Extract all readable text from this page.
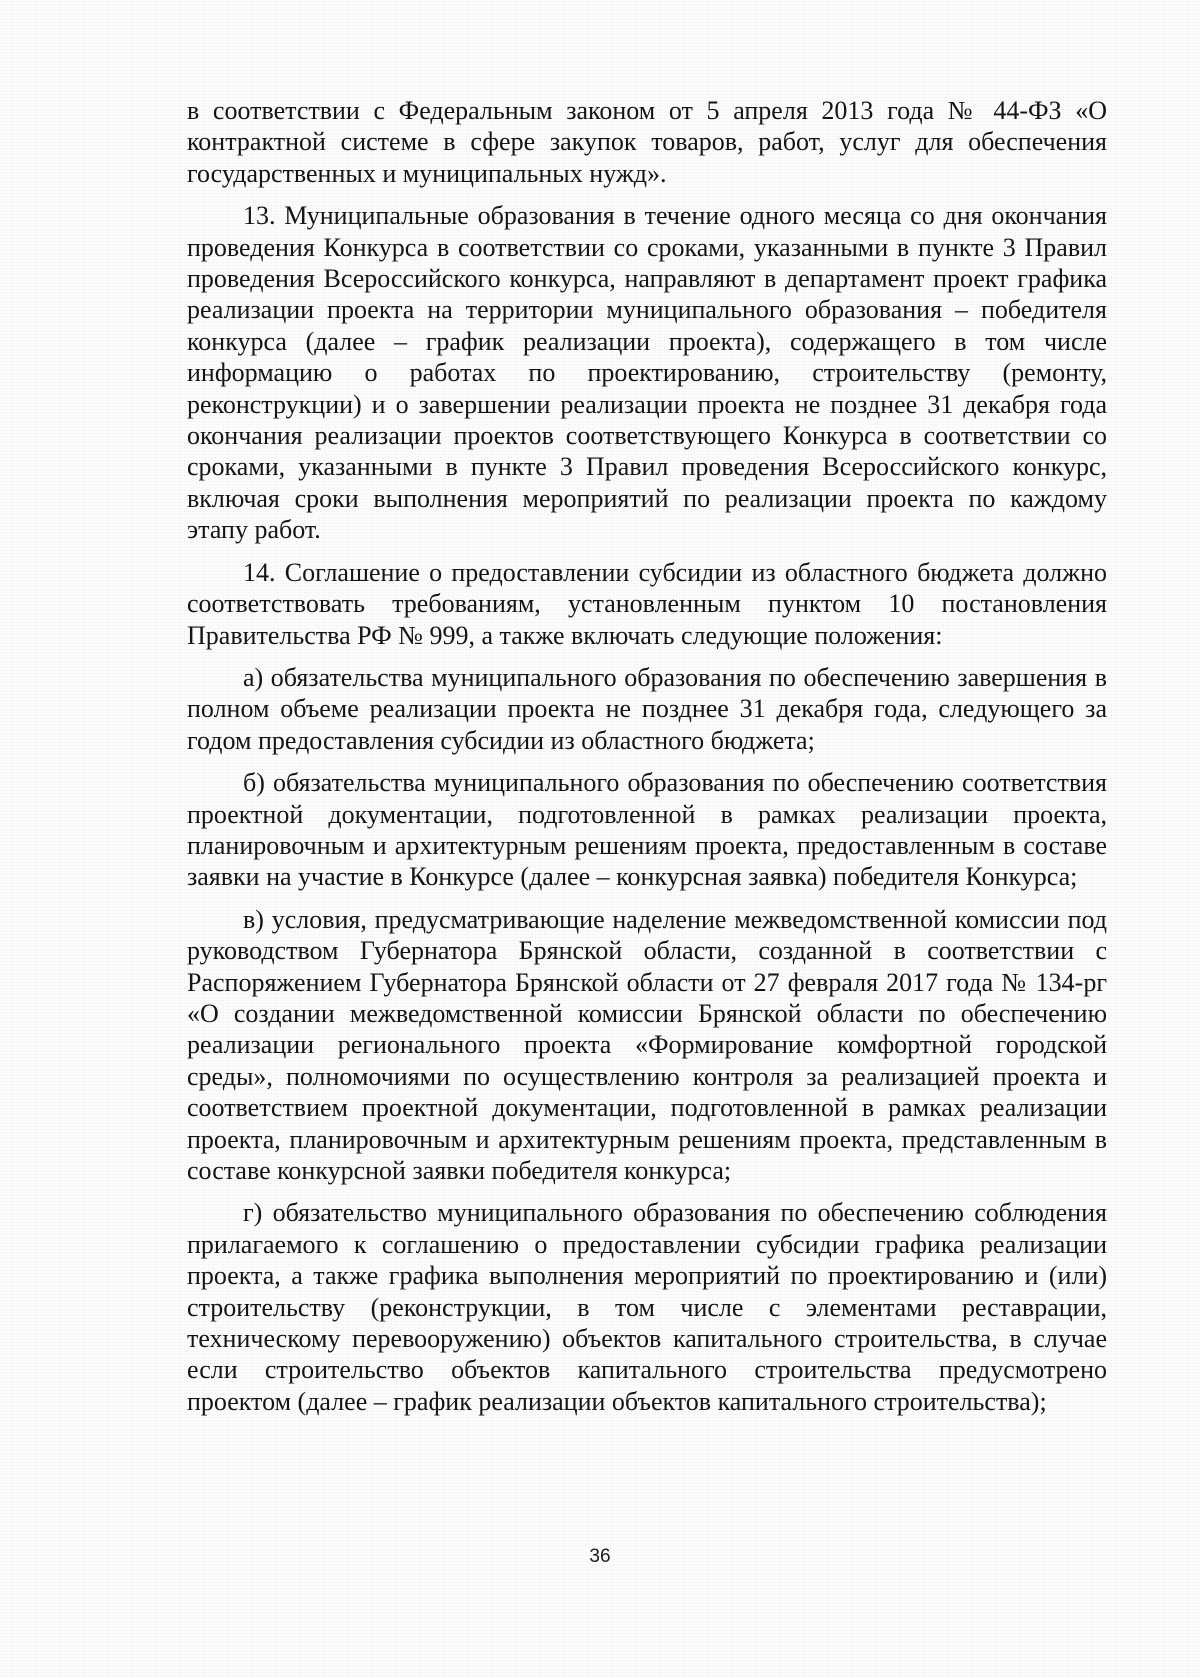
в соответствии с Федеральным законом от 5 апреля 2013 года № 44-ФЗ «О контрактной системе в сфере закупок товаров, работ, услуг для обеспечения государственных и муниципальных нужд».

13. Муниципальные образования в течение одного месяца со дня окончания проведения Конкурса в соответствии со сроками, указанными в пункте 3 Правил проведения Всероссийского конкурса, направляют в департамент проект графика реализации проекта на территории муниципального образования – победителя конкурса (далее – график реализации проекта), содержащего в том числе информацию о работах по проектированию, строительству (ремонту, реконструкции) и о завершении реализации проекта не позднее 31 декабря года окончания реализации проектов соответствующего Конкурса в соответствии со сроками, указанными в пункте 3 Правил проведения Всероссийского конкурс, включая сроки выполнения мероприятий по реализации проекта по каждому этапу работ.

14. Соглашение о предоставлении субсидии из областного бюджета должно соответствовать требованиям, установленным пунктом 10 постановления Правительства РФ № 999, а также включать следующие положения:

а) обязательства муниципального образования по обеспечению завершения в полном объеме реализации проекта не позднее 31 декабря года, следующего за годом предоставления субсидии из областного бюджета;

б) обязательства муниципального образования по обеспечению соответствия проектной документации, подготовленной в рамках реализации проекта, планировочным и архитектурным решениям проекта, предоставленным в составе заявки на участие в Конкурсе (далее – конкурсная заявка) победителя Конкурса;

в) условия, предусматривающие наделение межведомственной комиссии под руководством Губернатора Брянской области, созданной в соответствии с Распоряжением Губернатора Брянской области от 27 февраля 2017 года № 134-рг «О создании межведомственной комиссии Брянской области по обеспечению реализации регионального проекта «Формирование комфортной городской среды», полномочиями по осуществлению контроля за реализацией проекта и соответствием проектной документации, подготовленной в рамках реализации проекта, планировочным и архитектурным решениям проекта, представленным в составе конкурсной заявки победителя конкурса;

г) обязательство муниципального образования по обеспечению соблюдения прилагаемого к соглашению о предоставлении субсидии графика реализации проекта, а также графика выполнения мероприятий по проектированию и (или) строительству (реконструкции, в том числе с элементами реставрации, техническому перевооружению) объектов капитального строительства, в случае если строительство объектов капитального строительства предусмотрено проектом (далее – график реализации объектов капитального строительства);

36
